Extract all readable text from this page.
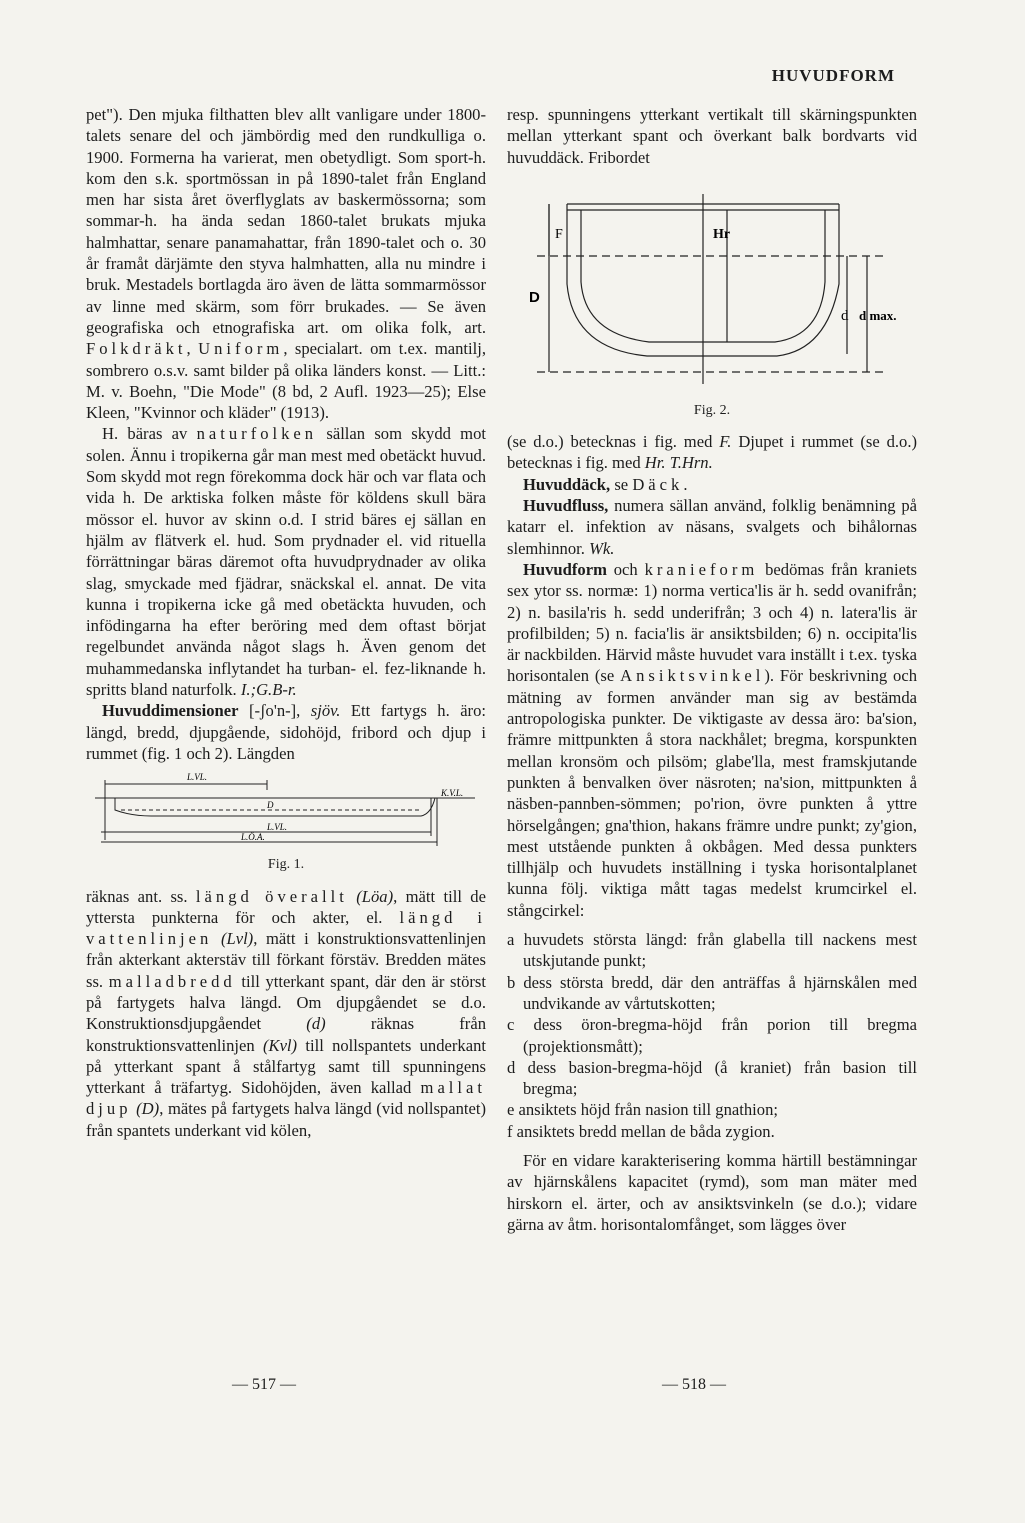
HUVUDFORM

pet"). Den mjuka filthatten blev allt vanligare under 1800-talets senare del och jämbördig med den rundkulliga o. 1900. Formerna ha varierat, men obetydligt. Som sport-h. kom den s.k. sportmössan in på 1890-talet från England men har sista året överflyglats av baskermössorna; som sommar-h. ha ända sedan 1860-talet brukats mjuka halmhattar, senare panamahattar, från 1890-talet och o. 30 år framåt därjämte den styva halmhatten, alla nu mindre i bruk. Mestadels bortlagda äro även de lätta sommarmössor av linne med skärm, som förr brukades. — Se även geografiska och etnografiska art. om olika folk, art. Folkdräkt, Uniform, specialart. om t.ex. mantilj, sombrero o.s.v. samt bilder på olika länders konst. — Litt.: M. v. Boehn, "Die Mode" (8 bd, 2 Aufl. 1923—25); Else Kleen, "Kvinnor och kläder" (1913).

H. bäras av naturfolken sällan som skydd mot solen. Ännu i tropikerna går man mest med obetäckt huvud. Som skydd mot regn förekomma dock här och var flata och vida h. De arktiska folken måste för köldens skull bära mössor el. huvor av skinn o.d. I strid bäres ej sällan en hjälm av flätverk el. hud. Som prydnader el. vid rituella förrättningar bäras däremot ofta huvudprydnader av olika slag, smyckade med fjädrar, snäckskal el. annat. De vita kunna i tropikerna icke gå med obetäckta huvuden, och infödingarna ha efter beröring med dem oftast börjat regelbundet använda något slags h. Även genom det muhammedanska inflytandet ha turban- el. fez-liknande h. spritts bland naturfolk. I.;G.B-r.

Huvuddimensioner [-ʃo'n-], sjöv. Ett fartygs h. äro: längd, bredd, djupgående, sidohöjd, fribord och djup i rummet (fig. 1 och 2). Längden

L.VL.
K.V.L.
D
L.VL.
L.Ö.A.
Fig. 1.

räknas ant. ss. längd överallt (Löa), mätt till de yttersta punkterna för och akter, el. längd i vattenlinjen (Lvl), mätt i konstruktionsvattenlinjen från akterkant akterstäv till förkant förstäv. Bredden mätes ss. malladbredd till ytterkant spant, där den är störst på fartygets halva längd. Om djupgåendet se d.o. Konstruktionsdjupgåendet	(d)	räknas från konstruktionsvattenlinjen (Kvl) till nollspantets underkant på ytterkant spant å stålfartyg samt till spunningens ytterkant å träfartyg. Sidohöjden, även kallad mallat djup (D), mätes på fartygets halva längd (vid nollspantet) från spantets underkant vid kölen,

resp. spunningens ytterkant vertikalt till skärningspunkten mellan ytterkant spant och överkant balk bordvarts vid huvuddäck. Fribordet

F	Hr
D
d d max.
Fig. 2.

(se d.o.) betecknas i fig. med F. Djupet i rummet (se d.o.) betecknas i fig. med Hr. T.Hrn.

Huvuddäck, se Däck.

Huvudfluss, numera sällan använd, folklig benämning på katarr el. infektion av näsans, svalgets och bihålornas slemhinnor. Wk.

Huvudform och kranieform bedömas från kraniets sex ytor ss. normæ: 1) norma verticа'lis är h. sedd ovanifrån; 2) n. basila'ris h. sedd underifrån; 3 och 4) n. latera'lis är profilbilden; 5) n. facia'lis är ansiktsbilden; 6) n. occipita'lis är nackbilden. Härvid måste huvudet vara inställt i t.ex. tyska horisontalen (se Ansiktsvinkel). För beskrivning och mätning av formen använder man sig av bestämda antropologiska punkter. De viktigaste av dessa äro: ba'sion, främre mittpunkten å stora nackhålet; bregma, korspunkten mellan kronsöm och pilsöm; glabe'lla, mest framskjutande punkten å benvalken över näsroten; na'sion, mittpunkten å näsben-pannben-sömmen; po'rion, övre punkten å yttre hörselgången; gna'thion, hakans främre undre punkt; zy'gion, mest utstående punkten å okbågen. Med dessa punkters tillhjälp och huvudets inställning i tyska horisontalplanet kunna följ. viktiga mått tagas medelst krumcirkel el. stångcirkel:

a huvudets största längd: från glabella till nackens mest utskjutande punkt;

b dess största bredd, där den anträffas å hjärnskålen med undvikande av vårtutskotten;

c dess öron-bregma-höjd från porion till bregma (projektionsmått);

d dess basion-bregma-höjd (å kraniet) från basion till bregma;

e ansiktets höjd från nasion till gnathion;

f ansiktets bredd mellan de båda zygion.

För en vidare karakterisering komma härtill bestämningar av hjärnskålens kapacitet (rymd), som man mäter med hirskorn el. ärter, och av ansiktsvinkeln (se d.o.); vidare gärna av åtm. horisontalomfånget, som lägges över

— 517 —	— 518 —
